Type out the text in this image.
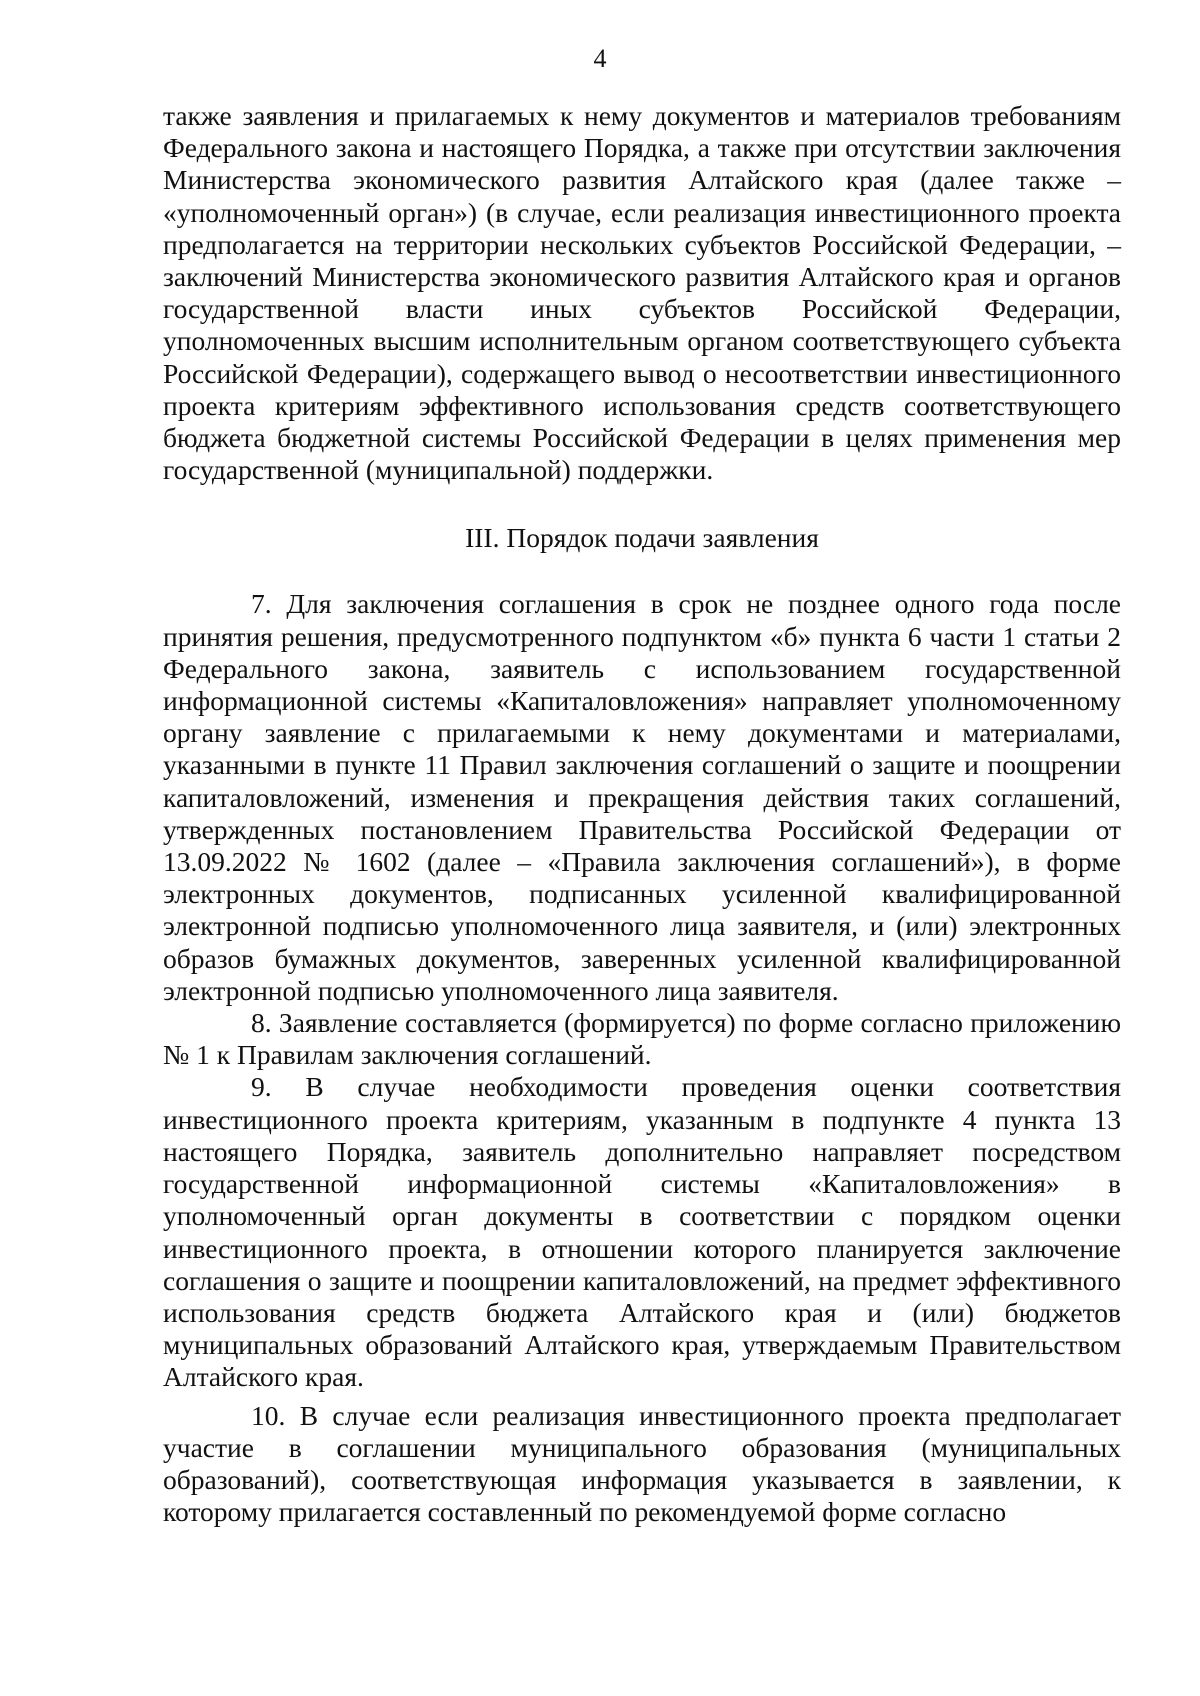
4

также заявления и прилагаемых к нему документов и материалов требованиям Федерального закона и настоящего Порядка, а также при отсутствии заключения Министерства экономического развития Алтайского края (далее также – «уполномоченный орган») (в случае, если реализация инвестиционного проекта предполагается на территории нескольких субъектов Российской Федерации, – заключений Министерства экономического развития Алтайского края и органов государственной власти иных субъектов Российской Федерации, уполномоченных высшим исполнительным органом соответствующего субъекта Российской Федерации), содержащего вывод о несоответствии инвестиционного проекта критериям эффективного использования средств соответствующего бюджета бюджетной системы Российской Федерации в целях применения мер государственной (муниципальной) поддержки.

III. Порядок подачи заявления

7. Для заключения соглашения в срок не позднее одного года после принятия решения, предусмотренного подпунктом «б» пункта 6 части 1 статьи 2 Федерального закона, заявитель с использованием государственной информационной системы «Капиталовложения» направляет уполномоченному органу заявление с прилагаемыми к нему документами и материалами, указанными в пункте 11 Правил заключения соглашений о защите и поощрении капиталовложений, изменения и прекращения действия таких соглашений, утвержденных постановлением Правительства Российской Федерации от 13.09.2022 № 1602 (далее – «Правила заключения соглашений»), в форме электронных документов, подписанных усиленной квалифицированной электронной подписью уполномоченного лица заявителя, и (или) электронных образов бумажных документов, заверенных усиленной квалифицированной электронной подписью уполномоченного лица заявителя.

8. Заявление составляется (формируется) по форме согласно приложению № 1 к Правилам заключения соглашений.

9. В случае необходимости проведения оценки соответствия инвестиционного проекта критериям, указанным в подпункте 4 пункта 13 настоящего Порядка, заявитель дополнительно направляет посредством государственной информационной системы «Капиталовложения» в уполномоченный орган документы в соответствии с порядком оценки инвестиционного проекта, в отношении которого планируется заключение соглашения о защите и поощрении капиталовложений, на предмет эффективного использования средств бюджета Алтайского края и (или) бюджетов муниципальных образований Алтайского края, утверждаемым Правительством Алтайского края.

10. В случае если реализация инвестиционного проекта предполагает участие в соглашении муниципального образования (муниципальных образований), соответствующая информация указывается в заявлении, к которому прилагается составленный по рекомендуемой форме согласно
